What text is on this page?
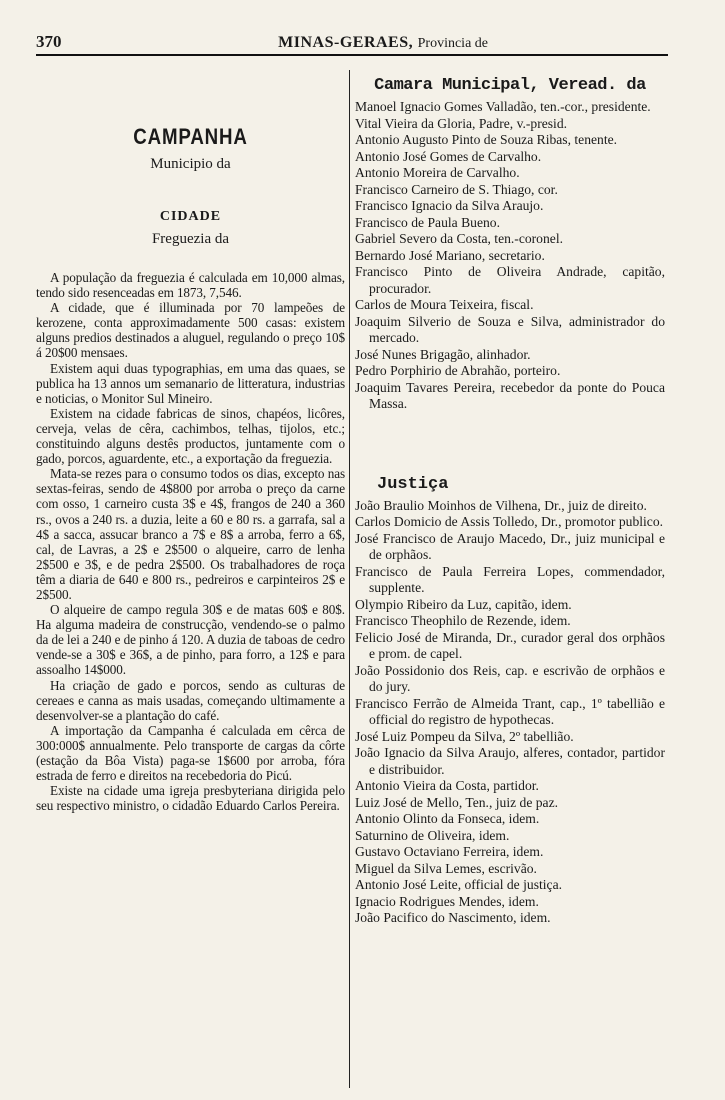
370	MINAS-GERAES, Provincia de
CAMPANHA
Municipio da
CIDADE
Freguezia da

A população da freguezia é calculada em 10,000 almas, tendo sido resenceadas em 1873, 7,546.

A cidade, que é illuminada por 70 lampeões de kerozene, conta approximadamente 500 casas: existem alguns predios destinados a aluguel, regulando o preço 10$ á 20$00 mensaes.

Existem aqui duas typographias, em uma das quaes, se publica ha 13 annos um semanario de litteratura, industrias e noticias, o Monitor Sul Mineiro.

Existem na cidade fabricas de sinos, chapéos, licôres, cerveja, velas de cêra, cachimbos, telhas, tijolos, etc.; constituindo alguns destês productos, juntamente com o gado, porcos, aguardente, etc., a exportação da freguezia.

Mata-se rezes para o consumo todos os dias, excepto nas sextas-feiras, sendo de 4$800 por arroba o preço da carne com osso, 1 carneiro custa 3$ e 4$, frangos de 240 a 360 rs., ovos a 240 rs. a duzia, leite a 60 e 80 rs. a garrafa, sal a 4$ a sacca, assucar branco a 7$ e 8$ a arroba, ferro a 6$, cal, de Lavras, a 2$ e 2$500 o alqueire, carro de lenha 2$500 e 3$, e de pedra 2$500. Os trabalhadores de roça têm a diaria de 640 e 800 rs., pedreiros e carpinteiros 2$ e 2$500.

O alqueire de campo regula 30$ e de matas 60$ e 80$. Ha alguma madeira de construcção, vendendo-se o palmo da de lei a 240 e de pinho á 120. A duzia de taboas de cedro vende-se a 30$ e 36$, a de pinho, para forro, a 12$ e para assoalho 14$000.

Ha criação de gado e porcos, sendo as culturas de cereaes e canna as mais usadas, começando ultimamente a desenvolver-se a plantação do café.

A importação da Campanha é calculada em cêrca de 300:000$ annualmente. Pelo transporte de cargas da côrte (estação da Bôa Vista) paga-se 1$600 por arroba, fóra estrada de ferro e direitos na recebedoria do Picú.

Existe na cidade uma igreja presbyteriana dirigida pelo seu respectivo ministro, o cidadão Eduardo Carlos Pereira.

Camara Municipal, Veread. da

Manoel Ignacio Gomes Valladão, ten.-cor., presidente.

Vital Vieira da Gloria, Padre, v.-presid.

Antonio Augusto Pinto de Souza Ribas, tenente.

Antonio José Gomes de Carvalho.

Antonio Moreira de Carvalho.

Francisco Carneiro de S. Thiago, cor.

Francisco Ignacio da Silva Araujo.

Francisco de Paula Bueno.

Gabriel Severo da Costa, ten.-coronel.

Bernardo José Mariano, secretario.

Francisco Pinto de Oliveira Andrade, capitão, procurador.

Carlos de Moura Teixeira, fiscal.

Joaquim Silverio de Souza e Silva, administrador do mercado.

José Nunes Brigagão, alinhador.

Pedro Porphirio de Abrahão, porteiro.

Joaquim Tavares Pereira, recebedor da ponte do Pouca Massa.

Justiça

João Braulio Moinhos de Vilhena, Dr., juiz de direito.

Carlos Domicio de Assis Tolledo, Dr., promotor publico.

José Francisco de Araujo Macedo, Dr., juiz municipal e de orphãos.

Francisco de Paula Ferreira Lopes, commendador, supplente.

Olympio Ribeiro da Luz, capitão, idem.

Francisco Theophilo de Rezende, idem.

Felicio José de Miranda, Dr., curador geral dos orphãos e prom. de capel.

João Possidonio dos Reis, cap. e escrivão de orphãos e do jury.

Francisco Ferrão de Almeida Trant, cap., 1º tabellião e official do registro de hypothecas.

José Luiz Pompeu da Silva, 2º tabellião.

João Ignacio da Silva Araujo, alferes, contador, partidor e distribuidor.

Antonio Vieira da Costa, partidor.

Luiz José de Mello, Ten., juiz de paz.

Antonio Olinto da Fonseca, idem.

Saturnino de Oliveira, idem.

Gustavo Octaviano Ferreira, idem.

Miguel da Silva Lemes, escrivão.

Antonio José Leite, official de justiça.

Ignacio Rodrigues Mendes, idem.

João Pacifico do Nascimento, idem.
